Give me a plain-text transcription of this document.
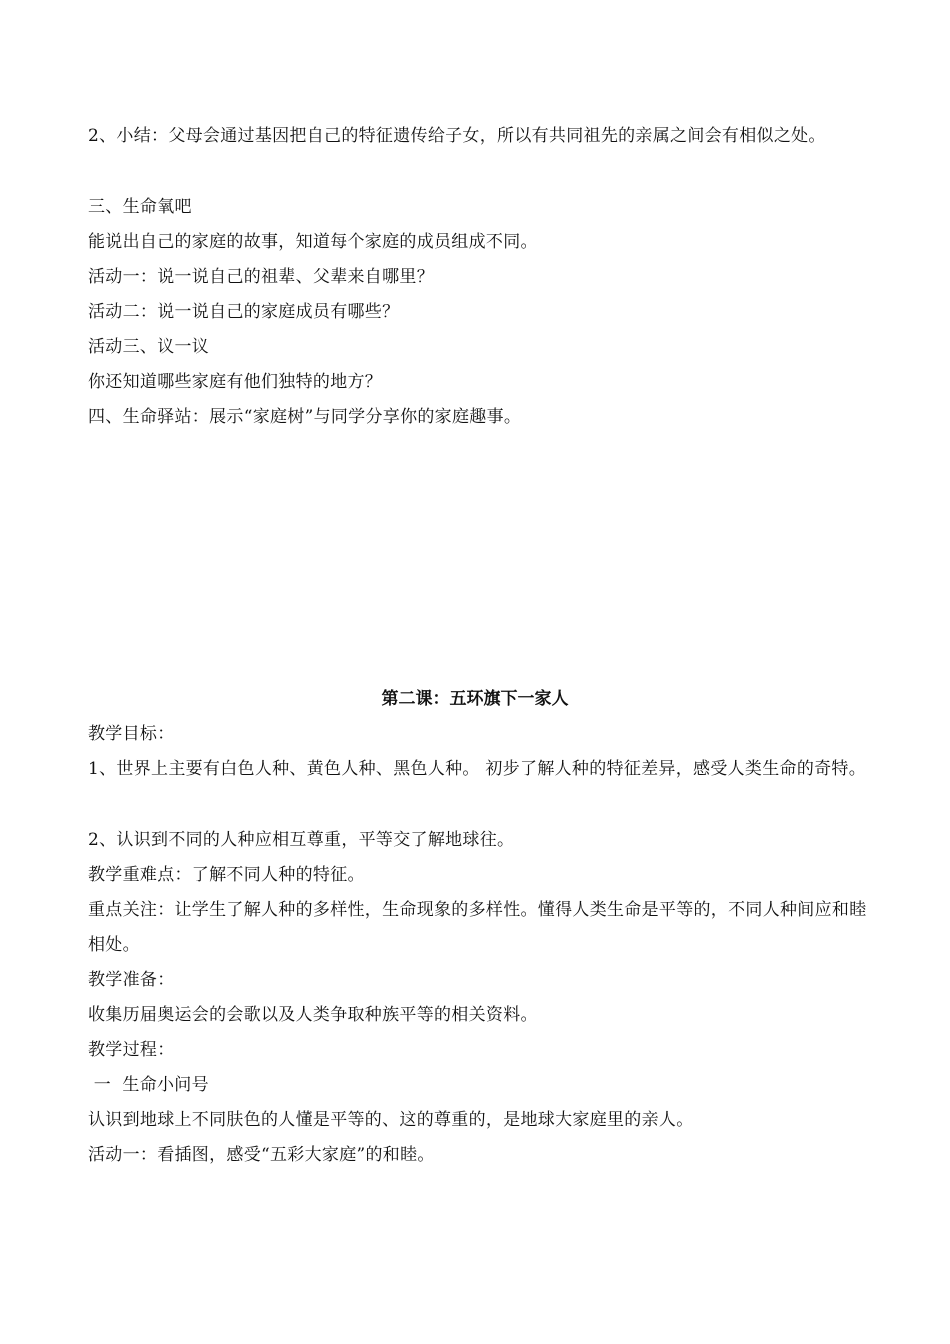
2、小结：父母会通过基因把自己的特征遗传给子女，所以有共同祖先的亲属之间会有相似之处。
三、生命氧吧
能说出自己的家庭的故事，知道每个家庭的成员组成不同。
活动一：说一说自己的祖辈、父辈来自哪里？
活动二：说一说自己的家庭成员有哪些？
活动三、议一议
你还知道哪些家庭有他们独特的地方？
四、生命驿站：展示“家庭树”与同学分享你的家庭趣事。
第二课：五环旗下一家人
教学目标：
1、世界上主要有白色人种、黄色人种、黑色人种。 初步了解人种的特征差异，感受人类生命的奇特。
2、认识到不同的人种应相互尊重，平等交了解地球往。
教学重难点：了解不同人种的特征。
重点关注：让学生了解人种的多样性，生命现象的多样性。懂得人类生命是平等的，不同人种间应和睦相处。
教学准备：
收集历届奥运会的会歌以及人类争取种族平等的相关资料。
教学过程：
一  生命小问号
认识到地球上不同肤色的人懂是平等的、这的尊重的，是地球大家庭里的亲人。
活动一：看插图，感受“五彩大家庭”的和睦。
